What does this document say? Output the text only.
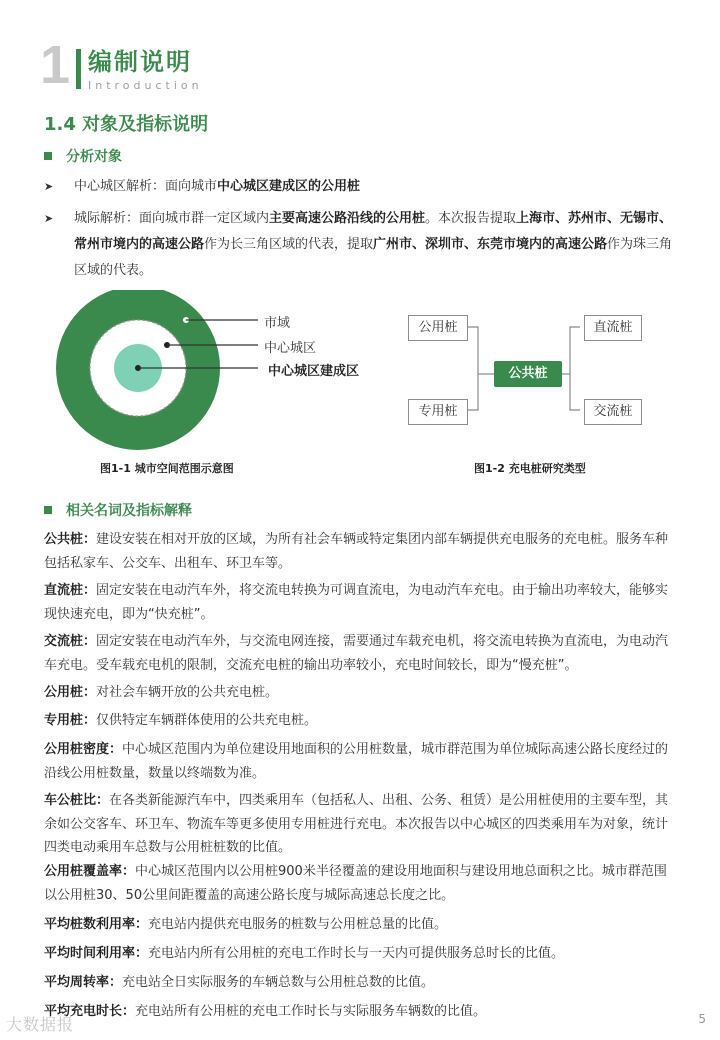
1 编制说明
Introduction
1.4 对象及指标说明
分析对象
➤ 中心城区解析：面向城市中心城区建成区的公用桩
➤ 城际解析：面向城市群一定区域内主要高速公路沿线的公用桩。本次报告提取上海市、苏州市、无锡市、常州市境内的高速公路作为长三角区域的代表，提取广州市、深圳市、东莞市境内的高速公路作为珠三角区域的代表。
市域
中心城区
中心城区建成区
图1-1 城市空间范围示意图
公用桩
专用桩
公共桩
直流桩
交流桩
图1-2 充电桩研究类型
相关名词及指标解释
公共桩：建设安装在相对开放的区域，为所有社会车辆或特定集团内部车辆提供充电服务的充电桩。服务车种包括私家车、公交车、出租车、环卫车等。
直流桩：固定安装在电动汽车外，将交流电转换为可调直流电，为电动汽车充电。由于输出功率较大，能够实现快速充电，即为“快充桩”。
交流桩：固定安装在电动汽车外，与交流电网连接，需要通过车载充电机，将交流电转换为直流电，为电动汽车充电。受车载充电机的限制，交流充电桩的输出功率较小，充电时间较长，即为“慢充桩”。
公用桩：对社会车辆开放的公共充电桩。
专用桩：仅供特定车辆群体使用的公共充电桩。
公用桩密度：中心城区范围内为单位建设用地面积的公用桩数量，城市群范围为单位城际高速公路长度经过的沿线公用桩数量，数量以终端数为准。
车公桩比：在各类新能源汽车中，四类乘用车（包括私人、出租、公务、租赁）是公用桩使用的主要车型，其余如公交客车、环卫车、物流车等更多使用专用桩进行充电。本次报告以中心城区的四类乘用车为对象，统计四类电动乘用车总数与公用桩桩数的比值。
公用桩覆盖率：中心城区范围内以公用桩900米半径覆盖的建设用地面积与建设用地总面积之比。城市群范围以公用桩30、50公里间距覆盖的高速公路长度与城际高速总长度之比。
平均桩数利用率：充电站内提供充电服务的桩数与公用桩总量的比值。
平均时间利用率：充电站内所有公用桩的充电工作时长与一天内可提供服务总时长的比值。
平均周转率：充电站全日实际服务的车辆总数与公用桩总数的比值。
平均充电时长：充电站所有公用桩的充电工作时长与实际服务车辆数的比值。
大数据报	5
